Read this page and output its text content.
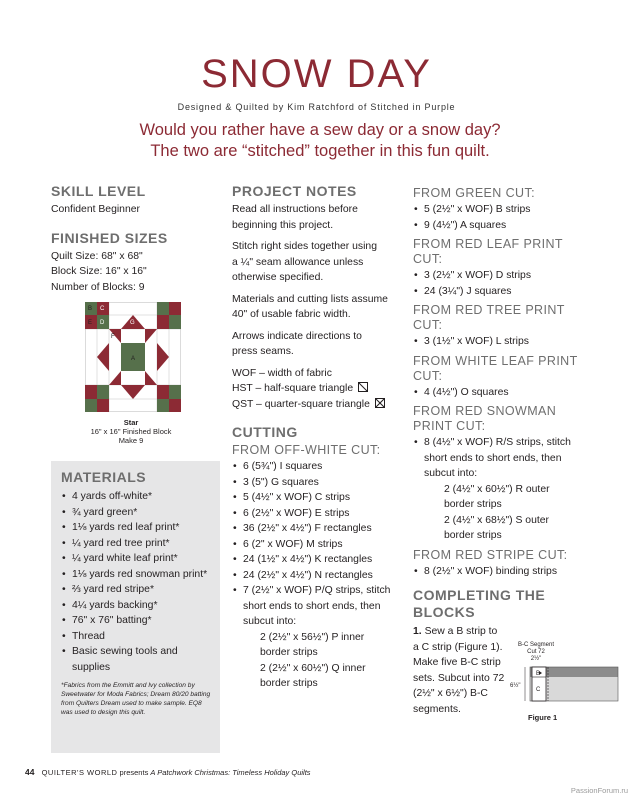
SNOW DAY
Designed & Quilted by Kim Ratchford of Stitched in Purple
Would you rather have a sew day or a snow day?
The two are “stitched” together in this fun quilt.
SKILL LEVEL
Confident Beginner
FINISHED SIZES
Quilt Size: 68" x 68"
Block Size: 16" x 16"
Number of Blocks: 9
B C
E D	G
F
A
Star
16" x 16" Finished Block
Make 9
MATERIALS
• 4 yards off-white*
• ¾ yard green*
• 1⅛ yards red leaf print*
• ¼ yard red tree print*
• ¼ yard white leaf print*
• 1⅛ yards red snowman print*
• ⅔ yard red stripe*
• 4¼ yards backing*
• 76" x 76" batting*
• Thread
• Basic sewing tools and supplies
*Fabrics from the Emmitt and Ivy collection by Sweetwater for Moda Fabrics; Dream 80/20 batting from Quilters Dream used to make sample. EQ8 was used to design this quilt.
PROJECT NOTES
Read all instructions before beginning this project.
Stitch right sides together using a ¼" seam allowance unless otherwise specified.
Materials and cutting lists assume 40" of usable fabric width.
Arrows indicate directions to press seams.
WOF – width of fabric
HST – half-square triangle
QST – quarter-square triangle
CUTTING
FROM OFF-WHITE CUT:
• 6 (5¾") I squares
• 3 (5") G squares
• 5 (4½" x WOF) C strips
• 6 (2½" x WOF) E strips
• 36 (2½" x 4½") F rectangles
• 6 (2" x WOF) M strips
• 24 (1½" x 4½") K rectangles
• 24 (2½" x 4½") N rectangles
• 7 (2½" x WOF) P/Q strips, stitch short ends to short ends, then subcut into:
2 (2½" x 56½") P inner border strips
2 (2½" x 60½") Q inner border strips
FROM GREEN CUT:
• 5 (2½" x WOF) B strips
• 9 (4½") A squares
FROM RED LEAF PRINT CUT:
• 3 (2½" x WOF) D strips
• 24 (3¼") J squares
FROM RED TREE PRINT CUT:
• 3 (1½" x WOF) L strips
FROM WHITE LEAF PRINT CUT:
• 4 (4½") O squares
FROM RED SNOWMAN PRINT CUT:
• 8 (4½" x WOF) R/S strips, stitch short ends to short ends, then subcut into:
2 (4½" x 60½") R outer border strips
2 (4½" x 68½") S outer border strips
FROM RED STRIPE CUT:
• 8 (2½" x WOF) binding strips
COMPLETING THE BLOCKS
1. Sew a B strip to a C strip (Figure 1). Make five B-C strip sets. Subcut into 72 (2½" x 6½") B-C segments.
B-C Segment
Cut 72
2½"
6½"
B
C
Figure 1
44 QUILTER'S WORLD presents A Patchwork Christmas: Timeless Holiday Quilts
PassionForum.ru
